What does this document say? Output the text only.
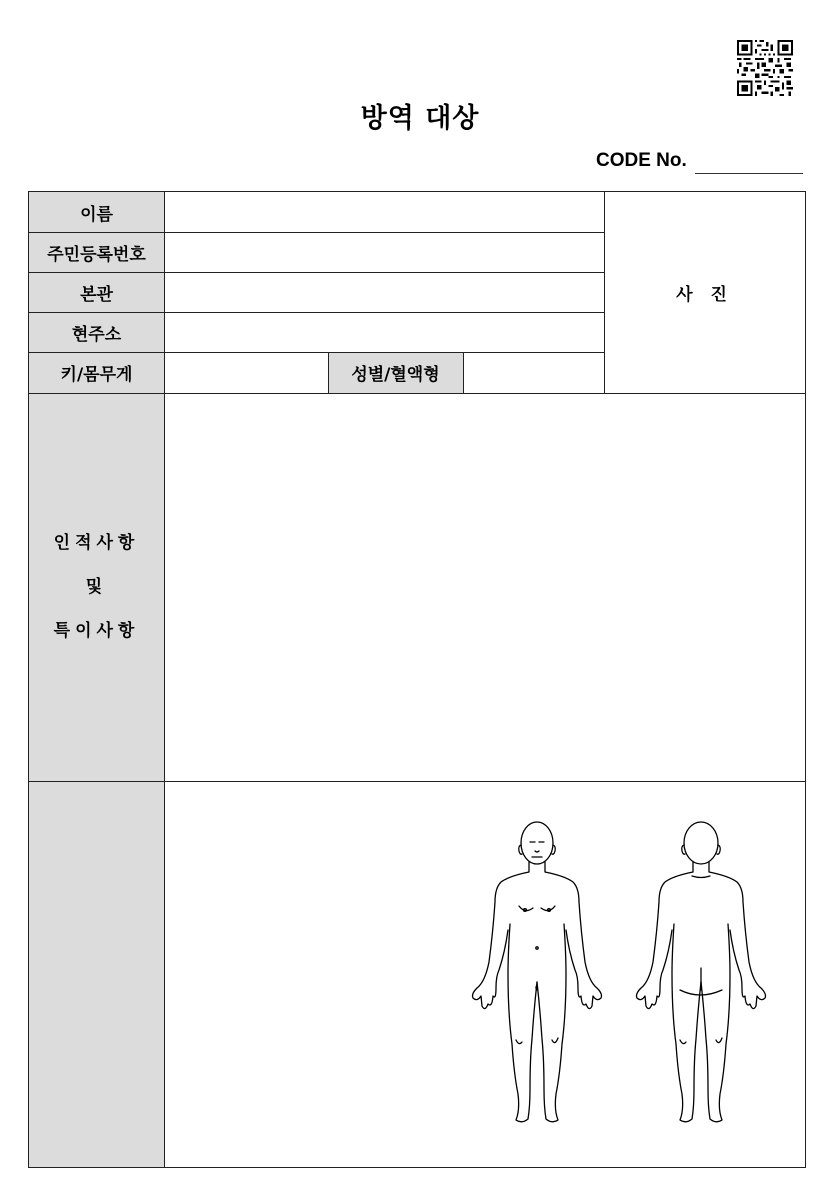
방역 대상
CODE No.
이름
주민등록번호
본관
현주소
키/몸무게	성별/혈액형
사 진
인적사항
및
특이사항
